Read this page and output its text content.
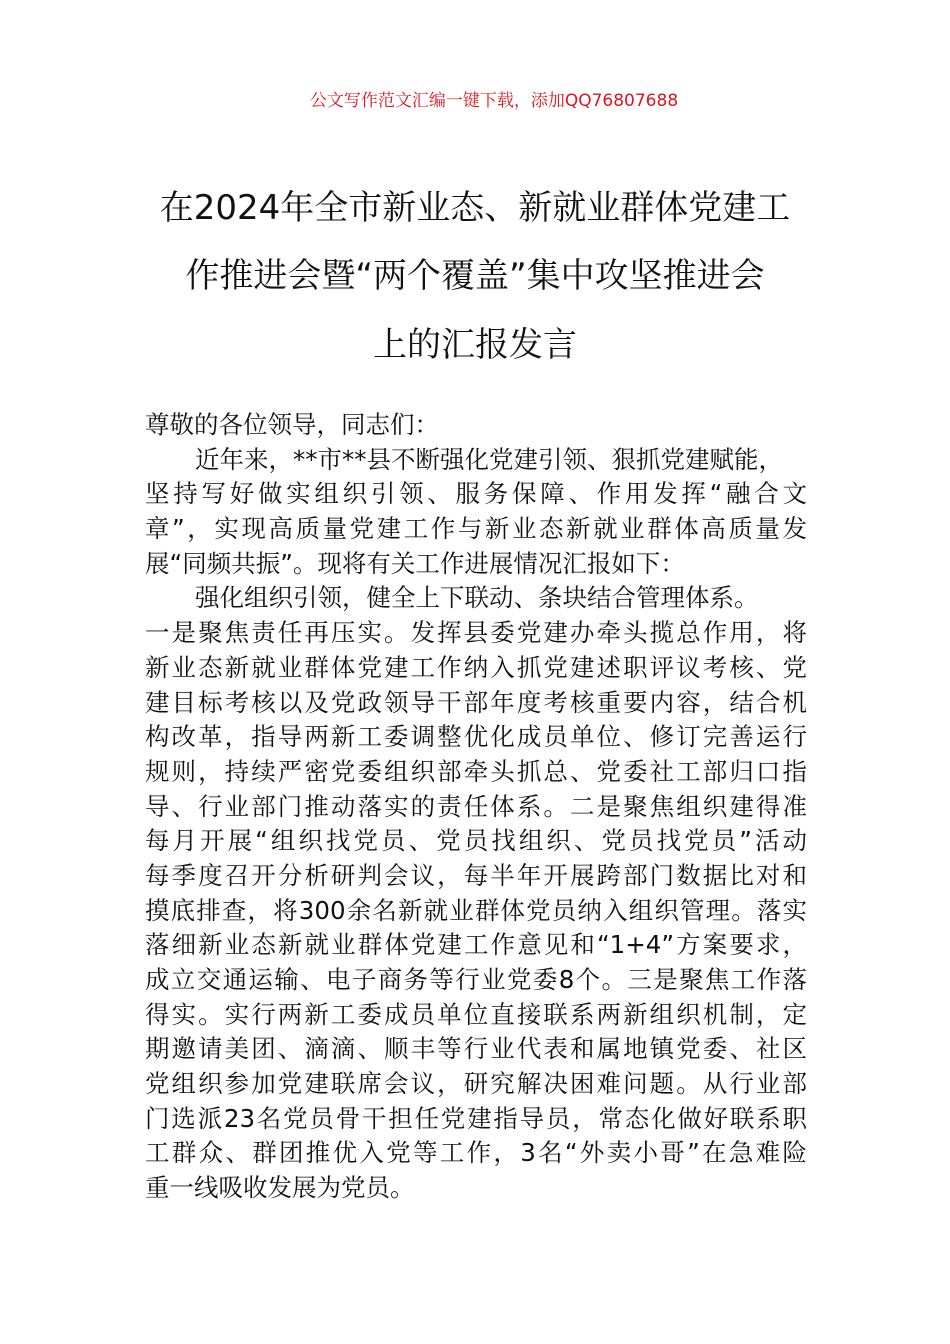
公文写作范文汇编一键下载，添加QQ76807688
在2024年全市新业态、新就业群体党建工
作推进会暨“两个覆盖”集中攻坚推进会
上的汇报发言
尊敬的各位领导，同志们：
近年来，**市**县不断强化党建引领、狠抓党建赋能，
坚持写好做实组织引领、服务保障、作用发挥“融合文
章”，实现高质量党建工作与新业态新就业群体高质量发
展“同频共振”。现将有关工作进展情况汇报如下：
强化组织引领，健全上下联动、条块结合管理体系。
一是聚焦责任再压实。发挥县委党建办牵头揽总作用，将
新业态新就业群体党建工作纳入抓党建述职评议考核、党
建目标考核以及党政领导干部年度考核重要内容，结合机
构改革，指导两新工委调整优化成员单位、修订完善运行
规则，持续严密党委组织部牵头抓总、党委社工部归口指
导、行业部门推动落实的责任体系。二是聚焦组织建得准
每月开展“组织找党员、党员找组织、党员找党员”活动
每季度召开分析研判会议，每半年开展跨部门数据比对和
摸底排查，将300余名新就业群体党员纳入组织管理。落实
落细新业态新就业群体党建工作意见和“1+4”方案要求，
成立交通运输、电子商务等行业党委8个。三是聚焦工作落
得实。实行两新工委成员单位直接联系两新组织机制，定
期邀请美团、滴滴、顺丰等行业代表和属地镇党委、社区
党组织参加党建联席会议，研究解决困难问题。从行业部
门选派23名党员骨干担任党建指导员，常态化做好联系职
工群众、群团推优入党等工作，3名“外卖小哥”在急难险
重一线吸收发展为党员。
